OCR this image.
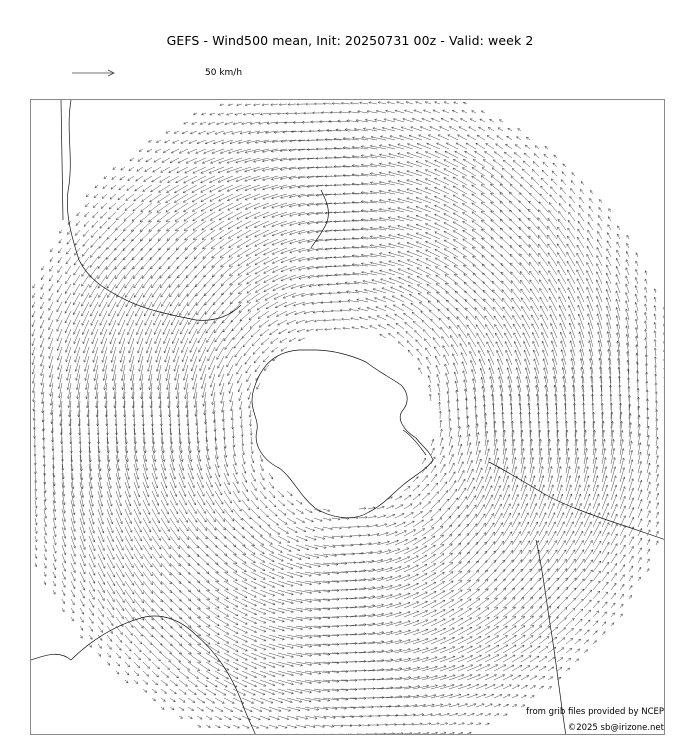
GEFS - Wind500 mean, Init: 20250731 00z - Valid: week 2
50 km/h
from grib files provided by NCEP
©2025 sb@irizone.net
